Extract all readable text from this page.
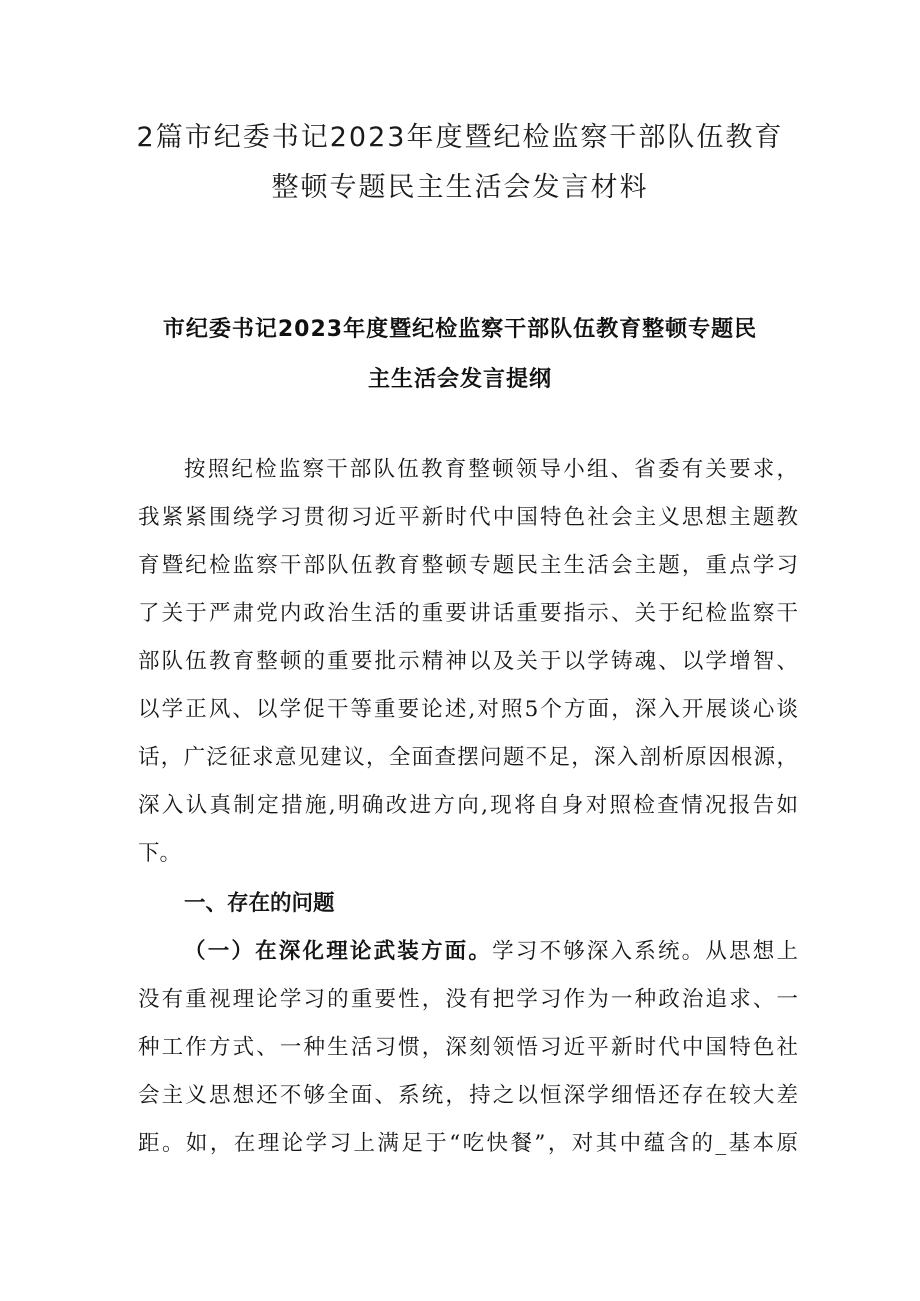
2篇市纪委书记2023年度暨纪检监察干部队伍教育
整顿专题民主生活会发言材料
市纪委书记2023年度暨纪检监察干部队伍教育整顿专题民
主生活会发言提纲

按照纪检监察干部队伍教育整顿领导小组、省委有关要求，

我紧紧围绕学习贯彻习近平新时代中国特色社会主义思想主题教

育暨纪检监察干部队伍教育整顿专题民主生活会主题，重点学习

了关于严肃党内政治生活的重要讲话重要指示、关于纪检监察干

部队伍教育整顿的重要批示精神以及关于以学铸魂、以学增智、

以学正风、以学促干等重要论述,对照5个方面，深入开展谈心谈

话，广泛征求意见建议，全面查摆问题不足，深入剖析原因根源，

深入认真制定措施,明确改进方向,现将自身对照检查情况报告如

下。

一、存在的问题

（一）在深化理论武装方面。学习不够深入系统。从思想上

没有重视理论学习的重要性，没有把学习作为一种政治追求、一

种工作方式、一种生活习惯，深刻领悟习近平新时代中国特色社

会主义思想还不够全面、系统，持之以恒深学细悟还存在较大差

距。如，在理论学习上满足于“吃快餐”，对其中蕴含的_基本原
